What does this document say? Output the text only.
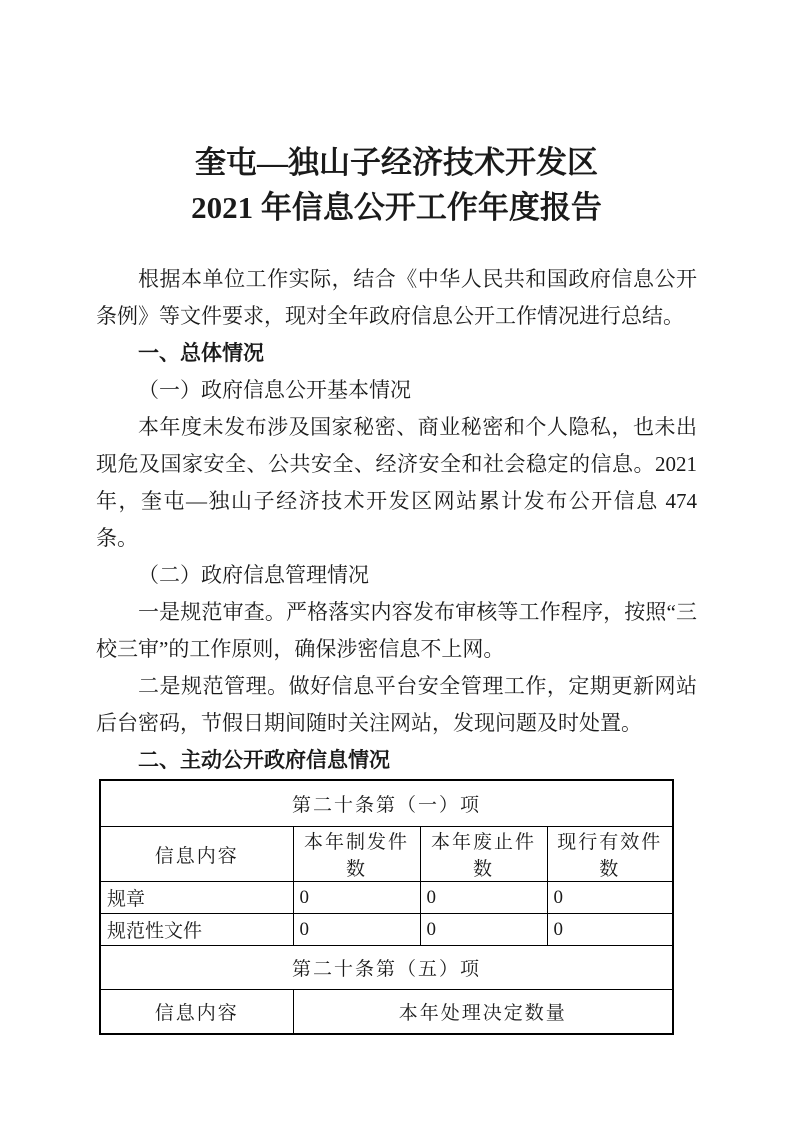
奎屯—独山子经济技术开发区
2021 年信息公开工作年度报告

根据本单位工作实际，结合《中华人民共和国政府信息公开条例》等文件要求，现对全年政府信息公开工作情况进行总结。

一、总体情况

（一）政府信息公开基本情况

本年度未发布涉及国家秘密、商业秘密和个人隐私，也未出现危及国家安全、公共安全、经济安全和社会稳定的信息。2021 年，奎屯—独山子经济技术开发区网站累计发布公开信息 474 条。

（二）政府信息管理情况

一是规范审查。严格落实内容发布审核等工作程序，按照“三校三审”的工作原则，确保涉密信息不上网。

二是规范管理。做好信息平台安全管理工作，定期更新网站后台密码，节假日期间随时关注网站，发现问题及时处置。

二、主动公开政府信息情况

第二十条第（一）项			
信息内容	本年制发件数	本年废止件数	现行有效件数
规章	0	0	0
规范性文件	0	0	0
第二十条第（五）项			
信息内容	本年处理决定数量		
